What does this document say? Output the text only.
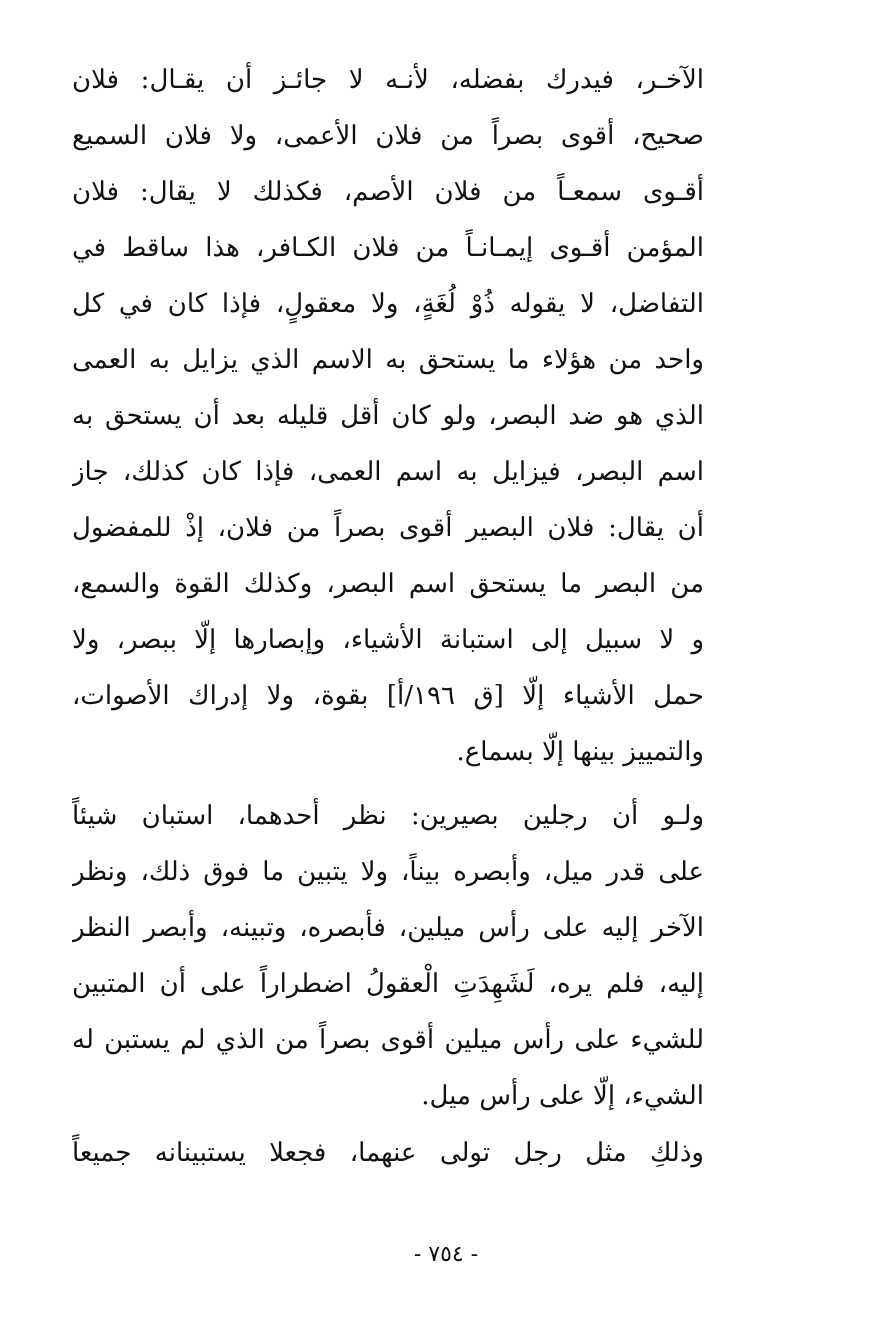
الآخـر، فيدرك بفضله، لأنـه لا جائـز أن يقـال: فلان
صحيح، أقوى بصراً من فلان الأعمى، ولا فلان السميع
أقـوى سمعـاً من فلان الأصم، فكذلك لا يقال: فلان
المؤمن أقـوى إيمـانـاً من فلان الكـافر، هذا ساقط في
التفاضل، لا يقوله ذُوْ لُغَةٍ، ولا معقولٍ، فإذا كان في كل
واحد من هؤلاء ما يستحق به الاسم الذي يزايل به العمى
الذي هو ضد البصر، ولو كان أقل قليله بعد أن يستحق به
اسم البصر، فيزايل به اسم العمى، فإذا كان كذلك، جاز
أن يقال: فلان البصير أقوى بصراً من فلان، إذْ للمفضول
من البصر ما يستحق اسم البصر، وكذلك القوة والسمع،
و لا سبيل إلى استبانة الأشياء، وإبصارها إلّا ببصر، ولا
حمل الأشياء إلّا [ق ١٩٦/أ] بقوة، ولا إدراك الأصوات،
والتمييز بينها إلّا بسماع.
ولـو أن رجلين بصيرين: نظر أحدهما، استبان شيئاً
على قدر ميل، وأبصره بيناً، ولا يتبين ما فوق ذلك، ونظر
الآخر إليه على رأس ميلين، فأبصره، وتبينه، وأبصر النظر
إليه، فلم يره، لَشَهِدَتِ الْعقولُ اضطراراً على أن المتبين
للشيء على رأس ميلين أقوى بصراً من الذي لم يستبن له
الشيء، إلّا على رأس ميل.
وذلكِ مثل رجل تولى عنهما، فجعلا يستبينانه جميعاً
- ٧٥٤ -
